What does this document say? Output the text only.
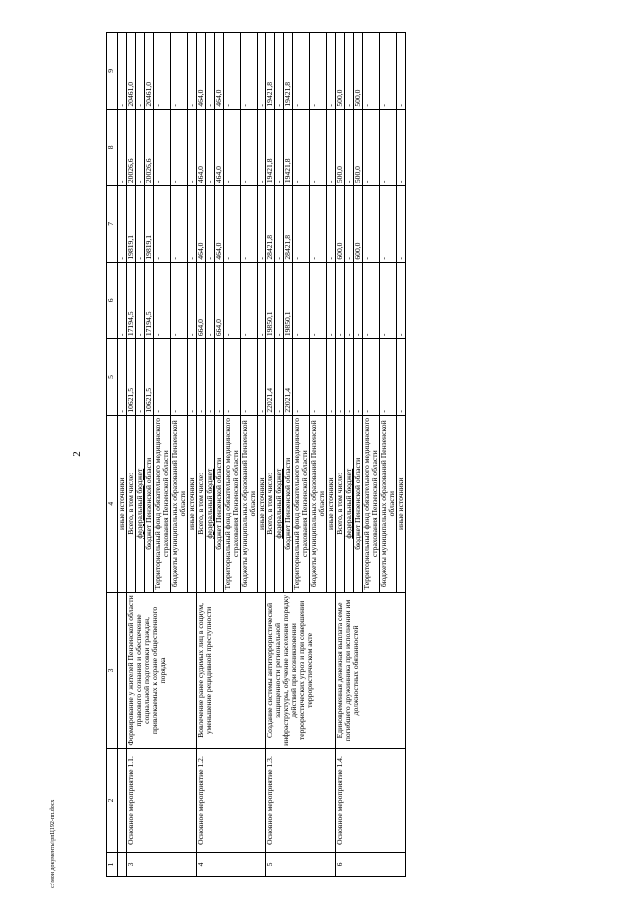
2
c:\мои документы\рпЦ192-пп.docx	1	2	3	4	5	6	7	8	9
			иные источники	-	-	-	-	-
3	Основное мероприятие 1.1.	Формирование у жителей Пензенской области правового сознания и обеспечение социальной подготовки граждан, привлекаемых к охране общественного порядка	Всего, в том числе:	10621,5	17194,5	19819,1	20026,6	20461,0
			федеральный бюджет	-	-	-	-	-
			бюджет Пензенской области	10621,5	17194,5	19819,1	20026,6	20461,0
			Территориальный фонд обязательного медицинского страхования Пензенской области	-	-	-	-	-
			бюджеты муниципальных образований Пензенской области	-	-	-	-	-
			иные источники	-	-	-	-	-
4	Основное мероприятие 1.2.	Вовлечение ранее судимых лиц в социум, уменьшение рецидивной преступности	Всего, в том числе:	-	664,0	464,0	464,0	464,0
			федеральный бюджет	-	-	-	-	-
			бюджет Пензенской области	-	664,0	464,0	464,0	464,0
			Территориальный фонд обязательного медицинского страхования Пензенской области	-	-	-	-	-
			бюджеты муниципальных образований Пензенской области	-	-	-	-	-
			иные источники	-	-	-	-	-
5	Основное мероприятие 1.3.	Создание системы антитеррористической защищенности региональной инфраструктуры, обучение населения порядку действий при возникновении террористических угроз и при совершении террористическом акте	Всего, в том числе:	22021,4	19850,1	28421,8	19421,8	19421,8
			федеральный бюджет	-	-	-	-	-
			бюджет Пензенской области	22021,4	19850,1	28421,8	19421,8	19421,8
			Территориальный фонд обязательного медицинского страхования Пензенской области	-	-	-	-	-
			бюджеты муниципальных образований Пензенской области	-	-	-	-	-
			иные источники	-	-	-	-	-
6	Основное мероприятие 1.4.	Единовременная денежная выплата семье погибшего дружинника при исполнении им должностных обязанностей	Всего, в том числе:	-	-	600,0	500,0	500,0
			федеральный бюджет	-	-	-	-	-
			бюджет Пензенской области	-	-	600,0	500,0	500,0
			Территориальный фонд обязательного медицинского страхования Пензенской области	-	-	-	-	-
			бюджеты муниципальных образований Пензенской области	-	-	-	-	-
			иные источники	-	-	-	-	-
